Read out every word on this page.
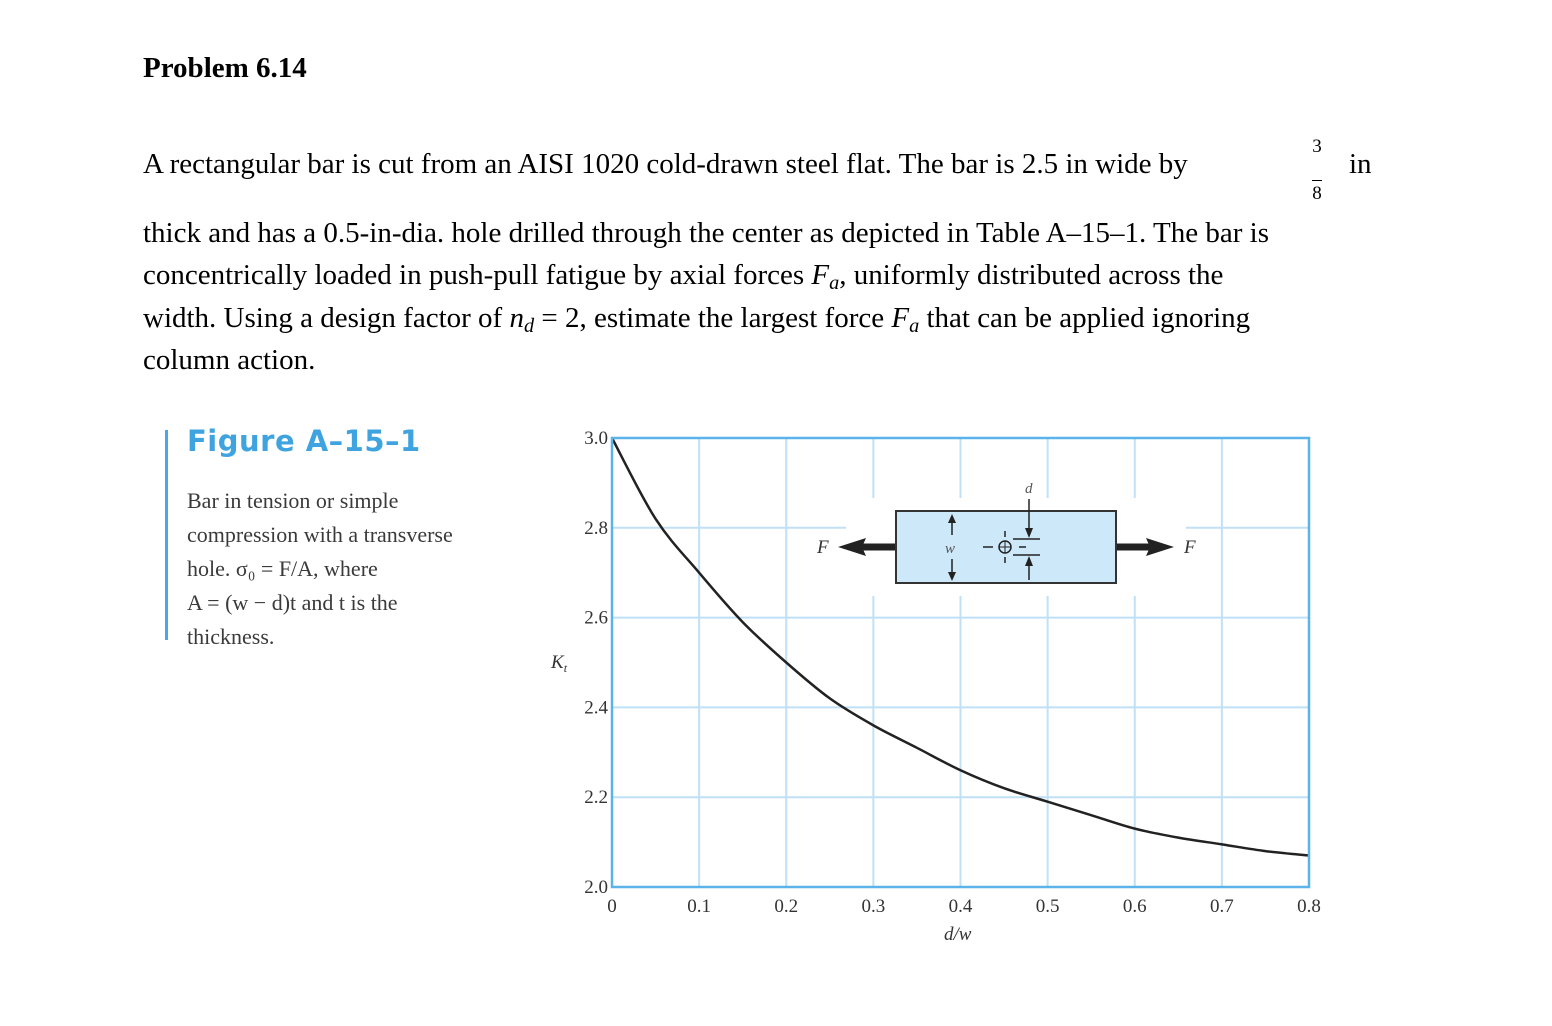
Problem 6.14
A rectangular bar is cut from an AISI 1020 cold-drawn steel flat. The bar is 2.5 in wide by
3
8
in
thick and has a 0.5-in-dia. hole drilled through the center as depicted in Table A–15–1. The bar is
concentrically loaded in push-pull fatigue by axial forces $F_a$, uniformly distributed across the
width. Using a design factor of $n_d = 2$, estimate the largest force $F_a$ that can be applied ignoring
column action.
Figure A–15–1
Bar in tension or simple
compression with a transverse
hole. σ₀ = F/A, where
A = (w − d)t and t is the
thickness.
F	F
w
d
0	0.1	0.2	0.3	0.4	0.5	0.6	0.7	0.8
2.0
2.2
2.4
2.6
2.8
3.0
$K_t$
d/w
